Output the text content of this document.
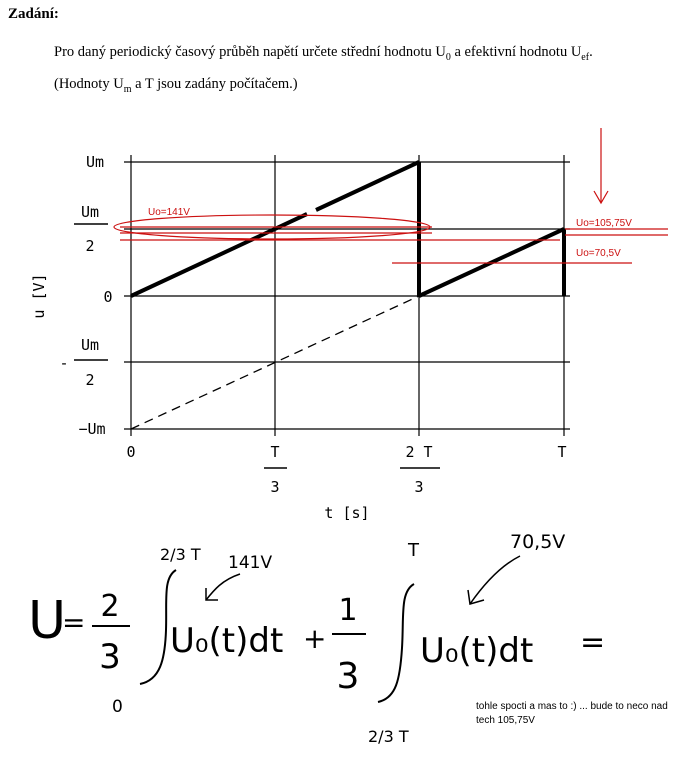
Zadání:
Pro daný periodický časový průběh napětí určete střední hodnotu $U_0$ a efektivní hodnotu $U_{ef}$.
(Hodnoty $U_m$ a T jsou zadány počítačem.)
Um
Um
2
0
-
Um
2
−Um
0	T
3
2 T
3
T
u [V]
t [s]
Uo=141V
Uo=105,75V
Uo=70,5V
U
= 2
3
2/3 T
0
U₀(t)dt +
1
3
T
2/3 T
U₀(t)dt =
141V
70,5V
tohle spocti a mas to :) ... bude to neco nad
tech 105,75V
